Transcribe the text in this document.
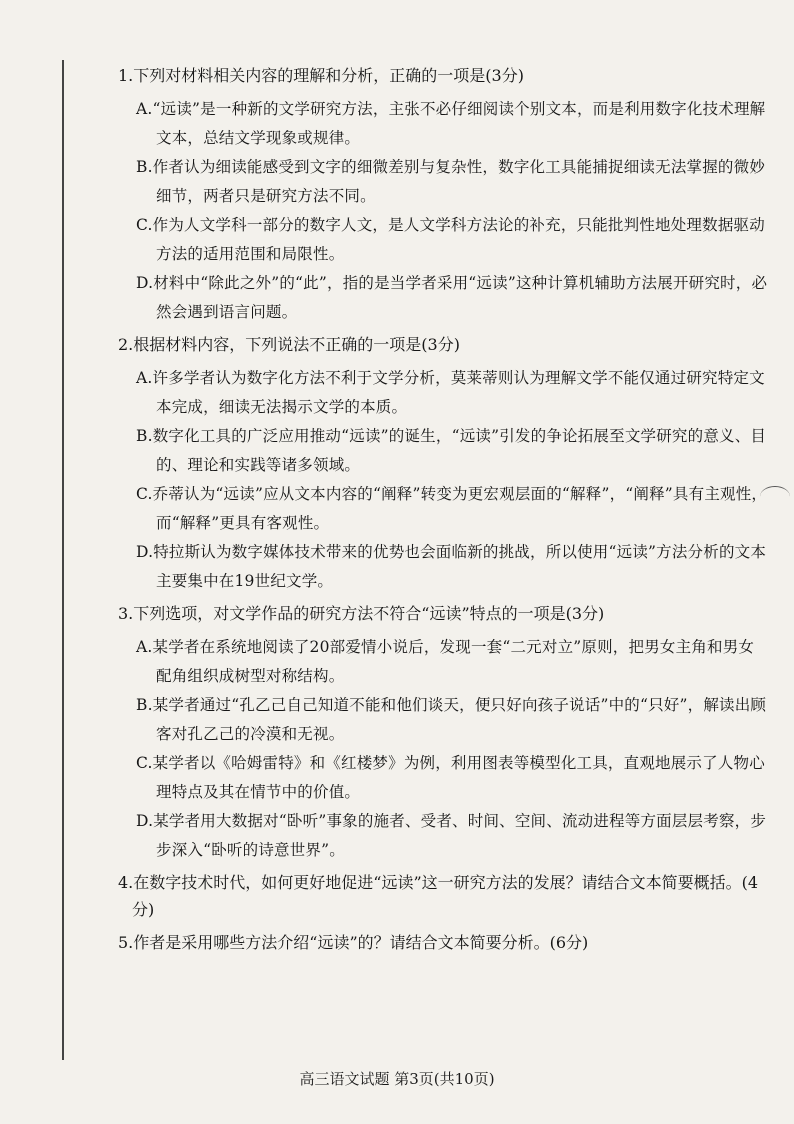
1.下列对材料相关内容的理解和分析，正确的一项是(3分)

A.“远读”是一种新的文学研究方法，主张不必仔细阅读个别文本，而是利用数字化技术理解文本，总结文学现象或规律。

B.作者认为细读能感受到文字的细微差别与复杂性，数字化工具能捕捉细读无法掌握的微妙细节，两者只是研究方法不同。

C.作为人文学科一部分的数字人文，是人文学科方法论的补充，只能批判性地处理数据驱动方法的适用范围和局限性。

D.材料中“除此之外”的“此”，指的是当学者采用“远读”这种计算机辅助方法展开研究时，必然会遇到语言问题。

2.根据材料内容，下列说法不正确的一项是(3分)

A.许多学者认为数字化方法不利于文学分析，莫莱蒂则认为理解文学不能仅通过研究特定文本完成，细读无法揭示文学的本质。

B.数字化工具的广泛应用推动“远读”的诞生，“远读”引发的争论拓展至文学研究的意义、目的、理论和实践等诸多领域。

C.乔蒂认为“远读”应从文本内容的“阐释”转变为更宏观层面的“解释”，“阐释”具有主观性，而“解释”更具有客观性。

D.特拉斯认为数字媒体技术带来的优势也会面临新的挑战，所以使用“远读”方法分析的文本主要集中在19世纪文学。

3.下列选项，对文学作品的研究方法不符合“远读”特点的一项是(3分)

A.某学者在系统地阅读了20部爱情小说后，发现一套“二元对立”原则，把男女主角和男女配角组织成树型对称结构。

B.某学者通过“孔乙己自己知道不能和他们谈天，便只好向孩子说话”中的“只好”，解读出顾客对孔乙己的冷漠和无视。

C.某学者以《哈姆雷特》和《红楼梦》为例，利用图表等模型化工具，直观地展示了人物心理特点及其在情节中的价值。

D.某学者用大数据对“卧听”事象的施者、受者、时间、空间、流动进程等方面层层考察，步步深入“卧听的诗意世界”。

4.在数字技术时代，如何更好地促进“远读”这一研究方法的发展？请结合文本简要概括。(4分)

5.作者是采用哪些方法介绍“远读”的？请结合文本简要分析。(6分)

高三语文试题 第3页(共10页)
